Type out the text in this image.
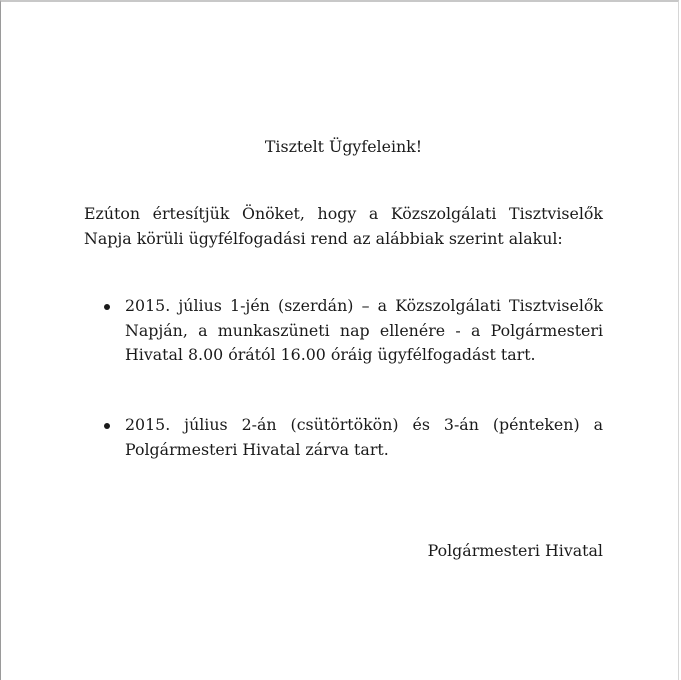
Tisztelt Ügyfeleink!

Ezúton értesítjük Önöket, hogy a Közszolgálati Tisztviselők Napja körüli ügyfélfogadási rend az alábbiak szerint alakul:

2015. július 1-jén (szerdán) – a Közszolgálati Tisztviselők Napján, a munkaszüneti nap ellenére - a Polgármesteri Hivatal 8.00 órától 16.00 óráig ügyfélfogadást tart.

2015. július 2-án (csütörtökön) és 3-án (pénteken) a Polgármesteri Hivatal zárva tart.

Polgármesteri Hivatal
